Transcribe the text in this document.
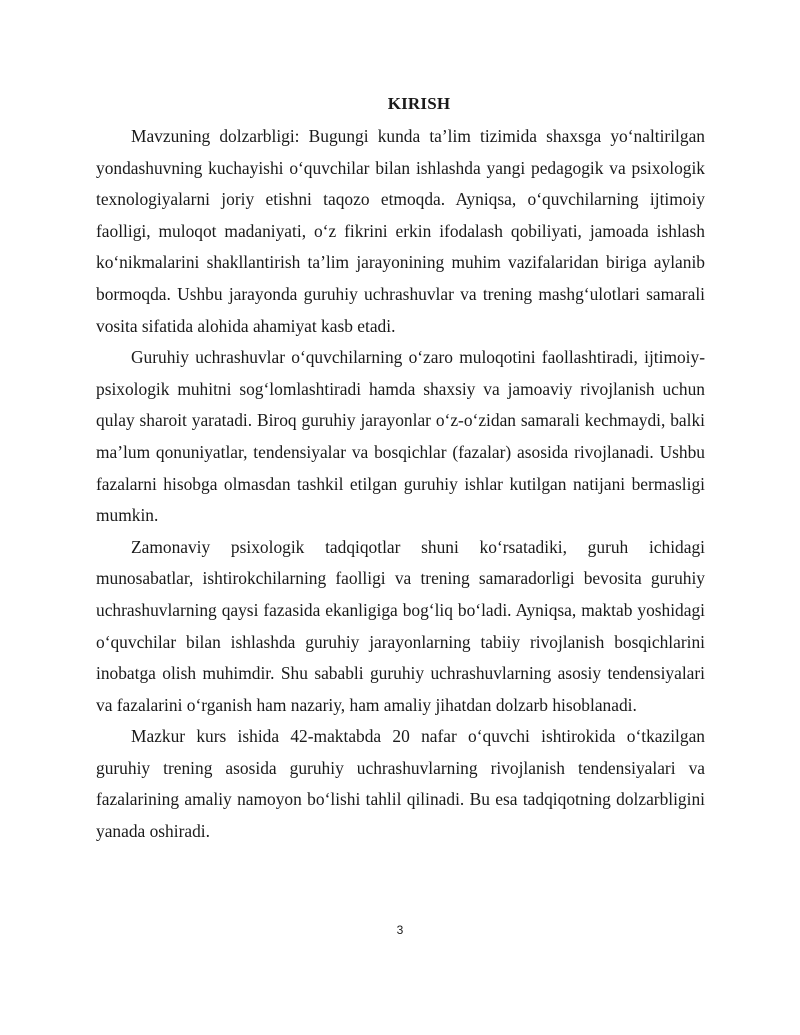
KIRISH

Mavzuning dolzarbligi: Bugungi kunda ta’lim tizimida shaxsga yo‘naltirilgan yondashuvning kuchayishi o‘quvchilar bilan ishlashda yangi pedagogik va psixologik texnologiyalarni joriy etishni taqozo etmoqda. Ayniqsa, o‘quvchilarning ijtimoiy faolligi, muloqot madaniyati, o‘z fikrini erkin ifodalash qobiliyati, jamoada ishlash ko‘nikmalarini shakllantirish ta’lim jarayonining muhim vazifalaridan biriga aylanib bormoqda. Ushbu jarayonda guruhiy uchrashuvlar va trening mashg‘ulotlari samarali vosita sifatida alohida ahamiyat kasb etadi.

Guruhiy uchrashuvlar o‘quvchilarning o‘zaro muloqotini faollashtiradi, ijtimoiy-psixologik muhitni sog‘lomlashtiradi hamda shaxsiy va jamoaviy rivojlanish uchun qulay sharoit yaratadi. Biroq guruhiy jarayonlar o‘z-o‘zidan samarali kechmaydi, balki ma’lum qonuniyatlar, tendensiyalar va bosqichlar (fazalar) asosida rivojlanadi. Ushbu fazalarni hisobga olmasdan tashkil etilgan guruhiy ishlar kutilgan natijani bermasligi mumkin.

Zamonaviy psixologik tadqiqotlar shuni ko‘rsatadiki, guruh ichidagi munosabatlar, ishtirokchilarning faolligi va trening samaradorligi bevosita guruhiy uchrashuvlarning qaysi fazasida ekanligiga bog‘liq bo‘ladi. Ayniqsa, maktab yoshidagi o‘quvchilar bilan ishlashda guruhiy jarayonlarning tabiiy rivojlanish bosqichlarini inobatga olish muhimdir. Shu sababli guruhiy uchrashuvlarning asosiy tendensiyalari va fazalarini o‘rganish ham nazariy, ham amaliy jihatdan dolzarb hisoblanadi.

Mazkur kurs ishida 42-maktabda 20 nafar o‘quvchi ishtirokida o‘tkazilgan guruhiy trening asosida guruhiy uchrashuvlarning rivojlanish tendensiyalari va fazalarining amaliy namoyon bo‘lishi tahlil qilinadi. Bu esa tadqiqotning dolzarbligini yanada oshiradi.

3
